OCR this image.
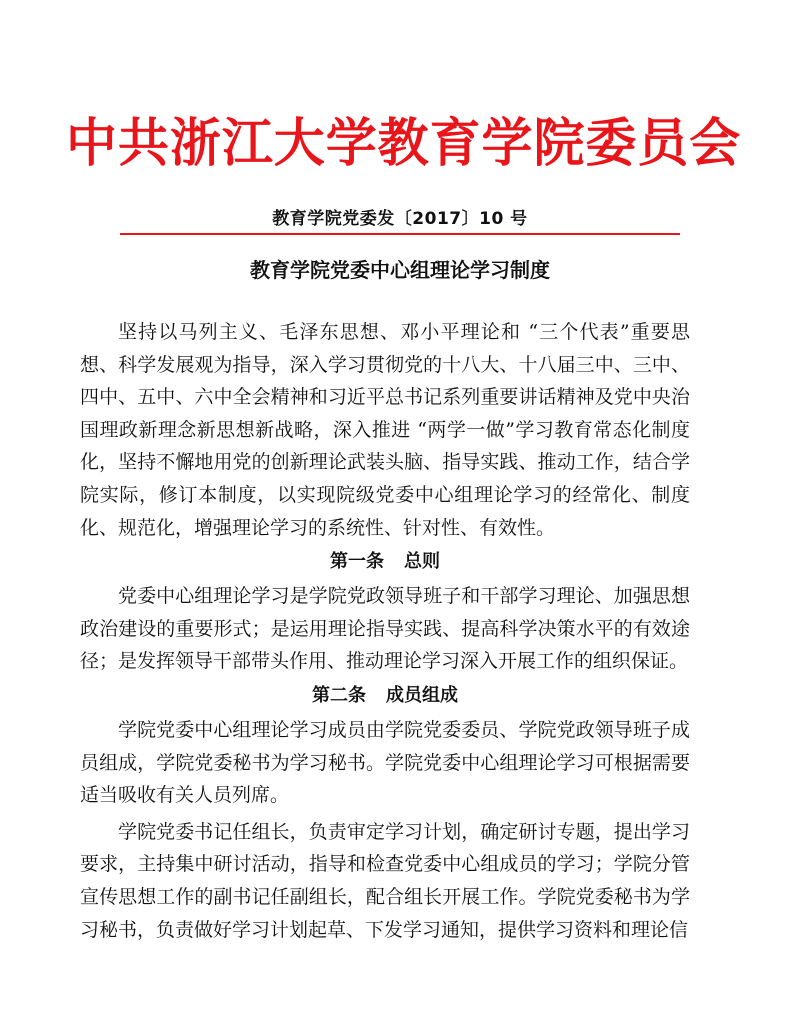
中共浙江大学教育学院委员会
教育学院党委发〔2017〕10 号
教育学院党委中心组理论学习制度

坚持以马列主义、毛泽东思想、邓小平理论和 “三个代表”重要思想、科学发展观为指导，深入学习贯彻党的十八大、十八届三中、三中、四中、五中、六中全会精神和习近平总书记系列重要讲话精神及党中央治国理政新理念新思想新战略，深入推进 “两学一做”学习教育常态化制度化，坚持不懈地用党的创新理论武装头脑、指导实践、推动工作，结合学院实际，修订本制度，以实现院级党委中心组理论学习的经常化、制度化、规范化，增强理论学习的系统性、针对性、有效性。

第一条 总则

党委中心组理论学习是学院党政领导班子和干部学习理论、加强思想政治建设的重要形式；是运用理论指导实践、提高科学决策水平的有效途径；是发挥领导干部带头作用、推动理论学习深入开展工作的组织保证。

第二条 成员组成

学院党委中心组理论学习成员由学院党委委员、学院党政领导班子成员组成，学院党委秘书为学习秘书。学院党委中心组理论学习可根据需要适当吸收有关人员列席。

学院党委书记任组长，负责审定学习计划，确定研讨专题，提出学习要求，主持集中研讨活动，指导和检查党委中心组成员的学习；学院分管宣传思想工作的副书记任副组长，配合组长开展工作。学院党委秘书为学习秘书，负责做好学习计划起草、下发学习通知，提供学习资料和理论信
